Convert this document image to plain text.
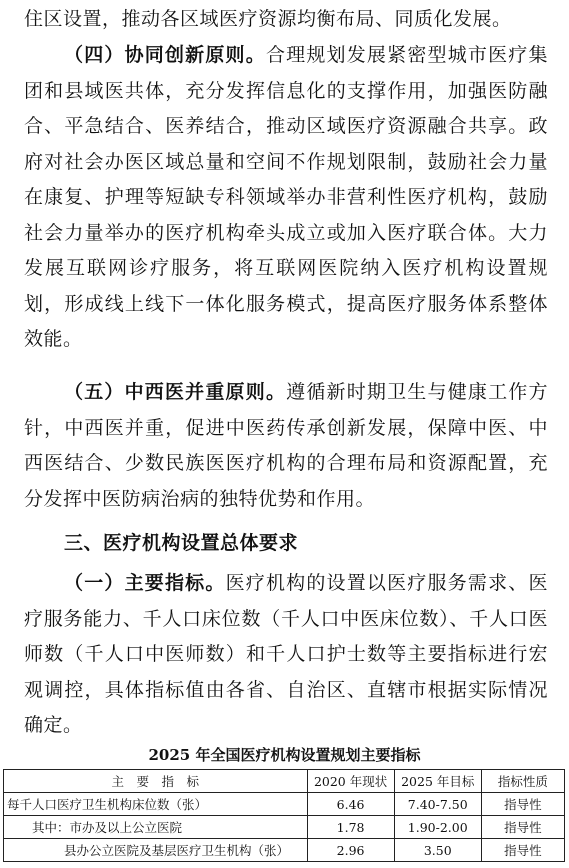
住区设置，推动各区域医疗资源均衡布局、同质化发展。

（四）协同创新原则。合理规划发展紧密型城市医疗集团和县域医共体，充分发挥信息化的支撑作用，加强医防融合、平急结合、医养结合，推动区域医疗资源融合共享。政府对社会办医区域总量和空间不作规划限制，鼓励社会力量在康复、护理等短缺专科领域举办非营利性医疗机构，鼓励社会力量举办的医疗机构牵头成立或加入医疗联合体。大力发展互联网诊疗服务，将互联网医院纳入医疗机构设置规划，形成线上线下一体化服务模式，提高医疗服务体系整体效能。

（五）中西医并重原则。遵循新时期卫生与健康工作方针，中西医并重，促进中医药传承创新发展，保障中医、中西医结合、少数民族医医疗机构的合理布局和资源配置，充分发挥中医防病治病的独特优势和作用。

三、医疗机构设置总体要求

（一）主要指标。医疗机构的设置以医疗服务需求、医疗服务能力、千人口床位数（千人口中医床位数）、千人口医师数（千人口中医师数）和千人口护士数等主要指标进行宏观调控，具体指标值由各省、自治区、直辖市根据实际情况确定。

2025 年全国医疗机构设置规划主要指标

主　要　指　标	2020 年现状	2025 年目标	指标性质
每千人口医疗卫生机构床位数（张）	6.46	7.40-7.50	指导性
其中：市办及以上公立医院	1.78	1.90-2.00	指导性
县办公立医院及基层医疗卫生机构（张）	2.96	3.50	指导性
